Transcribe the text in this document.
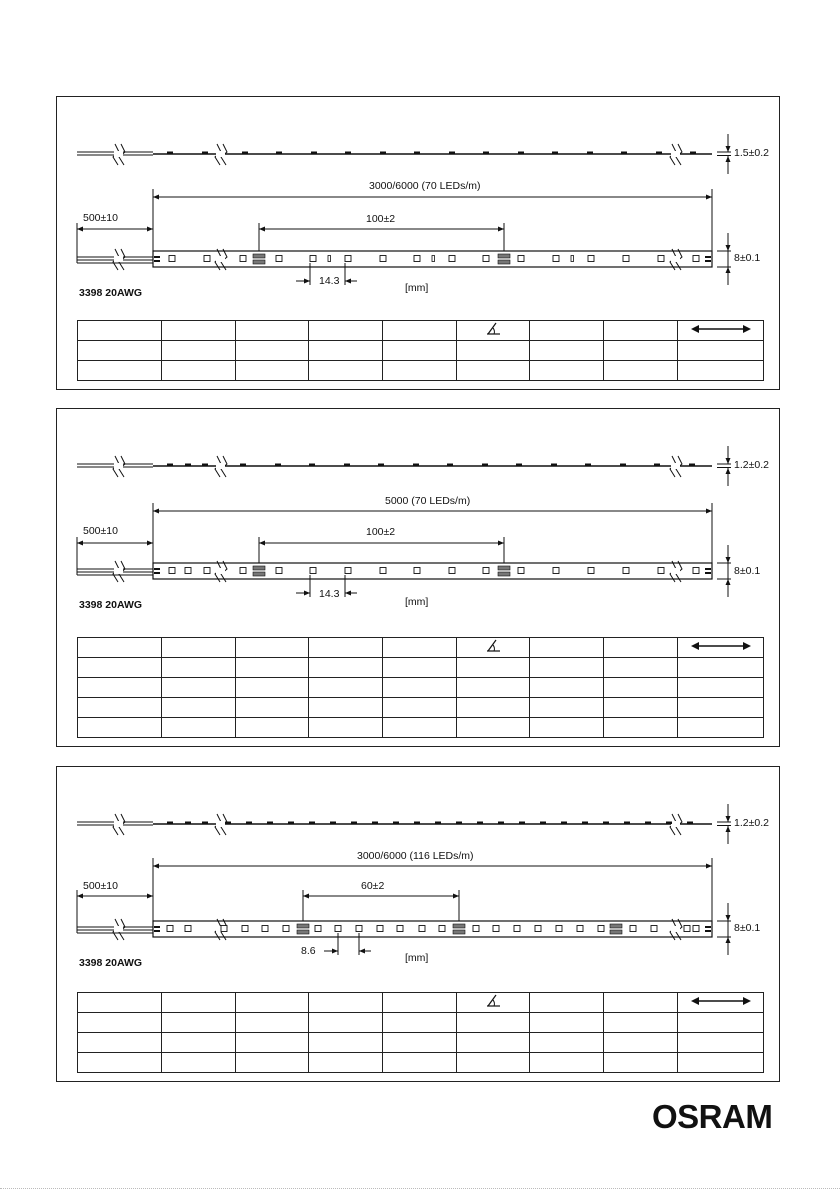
1.5±0.2
3000/6000 (70 LEDs/m)
500±10	100±2
8±0.1
14.3
[mm]
3398 20AWG

1.2±0.2
5000 (70 LEDs/m)
500±10	100±2
8±0.1
14.3
[mm]
3398 20AWG

1.2±0.2
3000/6000 (116 LEDs/m)
500±10	60±2
8±0.1
8.6
[mm]
3398 20AWG

OSRAM
